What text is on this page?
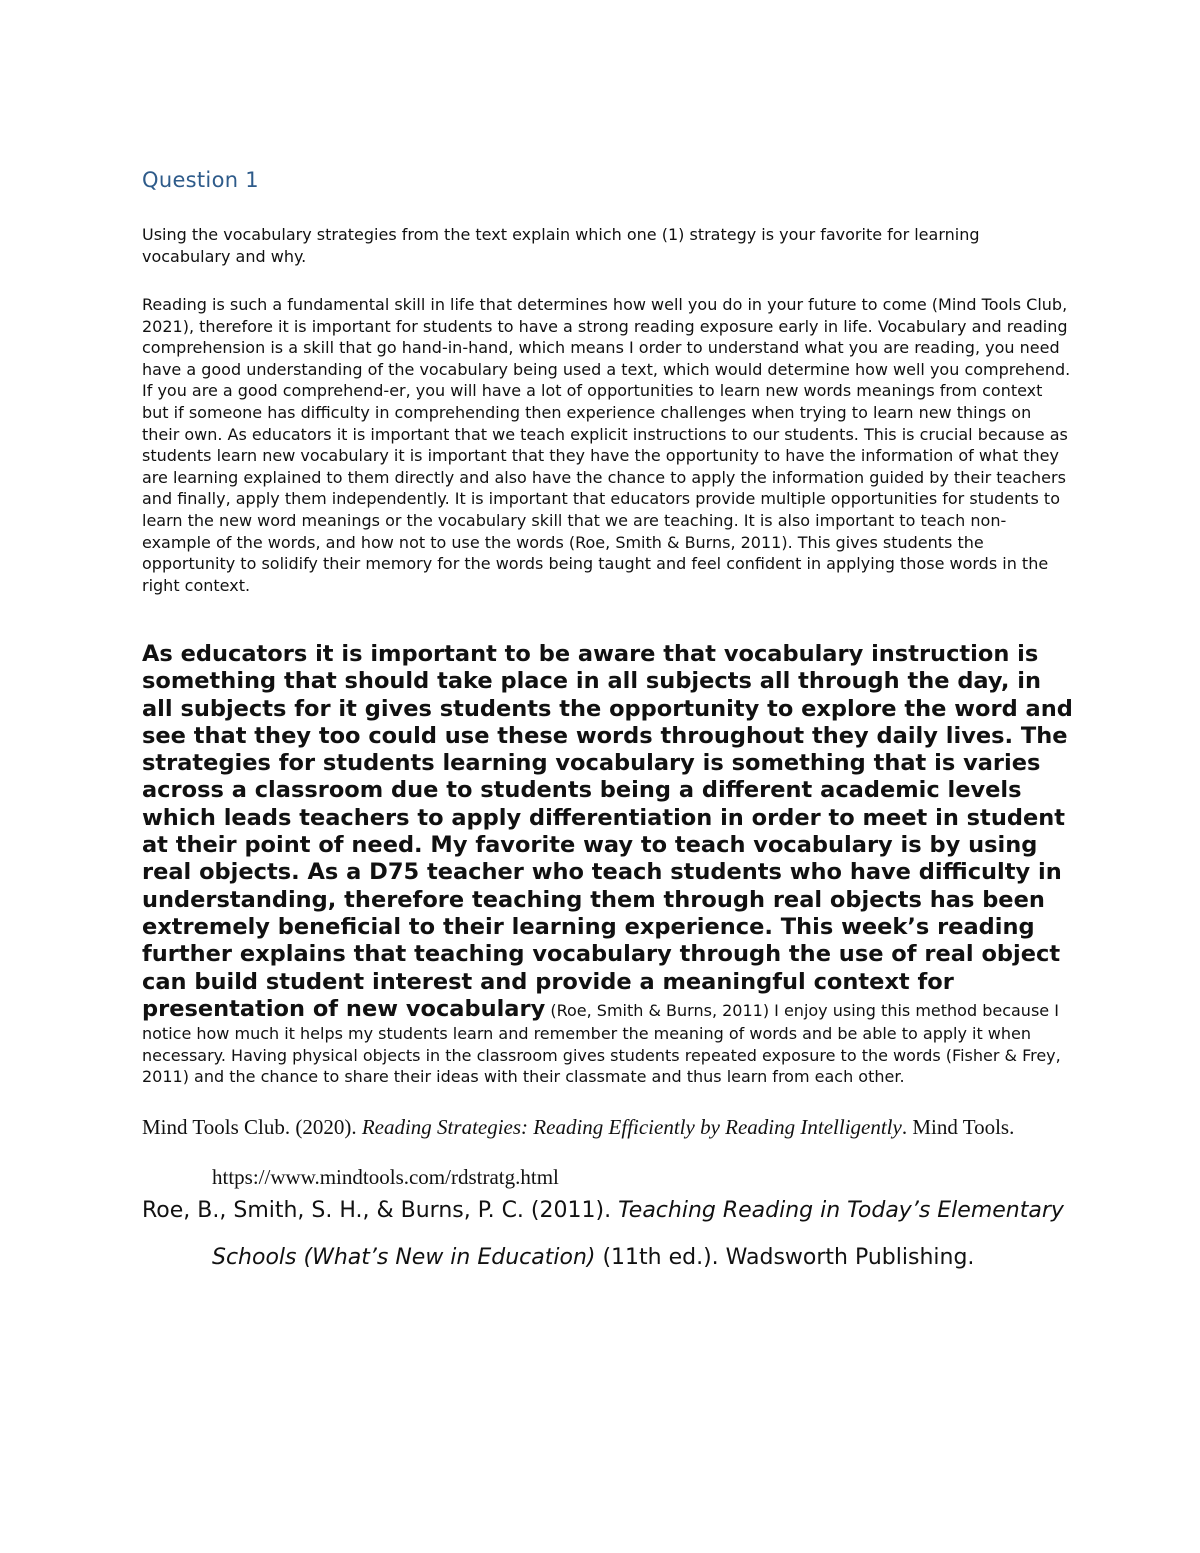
Question 1

Using the vocabulary strategies from the text explain which one (1) strategy is your favorite for learning vocabulary and why.

Reading is such a fundamental skill in life that determines how well you do in your future to come (Mind Tools Club, 2021), therefore it is important for students to have a strong reading exposure early in life. Vocabulary and reading comprehension is a skill that go hand-in-hand, which means I order to understand what you are reading, you need have a good understanding of the vocabulary being used a text, which would determine how well you comprehend. If you are a good comprehend-er, you will have a lot of opportunities to learn new words meanings from context but if someone has difficulty in comprehending then experience challenges when trying to learn new things on their own. As educators it is important that we teach explicit instructions to our students. This is crucial because as students learn new vocabulary it is important that they have the opportunity to have the information of what they are learning explained to them directly and also have the chance to apply the information guided by their teachers and finally, apply them independently. It is important that educators provide multiple opportunities for students to learn the new word meanings or the vocabulary skill that we are teaching. It is also important to teach non-example of the words, and how not to use the words (Roe, Smith & Burns, 2011). This gives students the opportunity to solidify their memory for the words being taught and feel confident in applying those words in the right context.

As educators it is important to be aware that vocabulary instruction is something that should take place in all subjects all through the day, in all subjects for it gives students the opportunity to explore the word and see that they too could use these words throughout they daily lives. The strategies for students learning vocabulary is something that is varies across a classroom due to students being a different academic levels which leads teachers to apply differentiation in order to meet in student at their point of need. My favorite way to teach vocabulary is by using real objects. As a D75 teacher who teach students who have difficulty in understanding, therefore teaching them through real objects has been extremely beneficial to their learning experience. This week’s reading further explains that teaching vocabulary through the use of real object can build student interest and provide a meaningful context for presentation of new vocabulary (Roe, Smith & Burns, 2011) I enjoy using this method because I notice how much it helps my students learn and remember the meaning of words and be able to apply it when necessary. Having physical objects in the classroom gives students repeated exposure to the words (Fisher & Frey, 2011) and the chance to share their ideas with their classmate and thus learn from each other.

Mind Tools Club. (2020). Reading Strategies: Reading Efficiently by Reading Intelligently. Mind Tools. https://www.mindtools.com/rdstratg.html

Roe, B., Smith, S. H., & Burns, P. C. (2011). Teaching Reading in Today’s Elementary Schools (What’s New in Education) (11th ed.). Wadsworth Publishing.
